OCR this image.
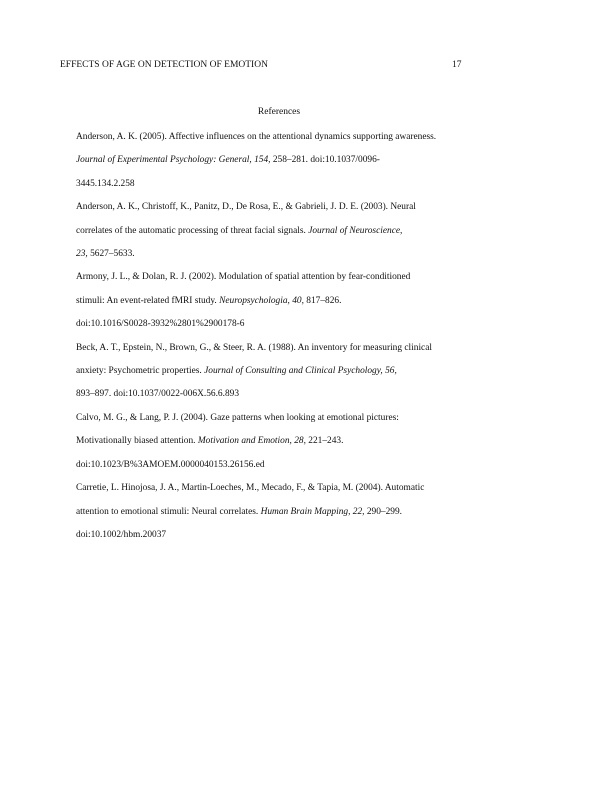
EFFECTS OF AGE ON DETECTION OF EMOTION	17
References
Anderson, A. K. (2005). Affective influences on the attentional dynamics supporting awareness.
Journal of Experimental Psychology: General, 154, 258–281. doi:10.1037/0096-
3445.134.2.258
Anderson, A. K., Christoff, K., Panitz, D., De Rosa, E., & Gabrieli, J. D. E. (2003). Neural
correlates of the automatic processing of threat facial signals. Journal of Neuroscience,
23, 5627–5633.
Armony, J. L., & Dolan, R. J. (2002). Modulation of spatial attention by fear-conditioned
stimuli: An event-related fMRI study. Neuropsychologia, 40, 817–826.
doi:10.1016/S0028-3932%2801%2900178-6
Beck, A. T., Epstein, N., Brown, G., & Steer, R. A. (1988). An inventory for measuring clinical
anxiety: Psychometric properties. Journal of Consulting and Clinical Psychology, 56,
893–897. doi:10.1037/0022-006X.56.6.893
Calvo, M. G., & Lang, P. J. (2004). Gaze patterns when looking at emotional pictures:
Motivationally biased attention. Motivation and Emotion, 28, 221–243.
doi:10.1023/B%3AMOEM.0000040153.26156.ed
Carretie, L. Hinojosa, J. A., Martin-Loeches, M., Mecado, F., & Tapia, M. (2004). Automatic
attention to emotional stimuli: Neural correlates. Human Brain Mapping, 22, 290–299.
doi:10.1002/hbm.20037
